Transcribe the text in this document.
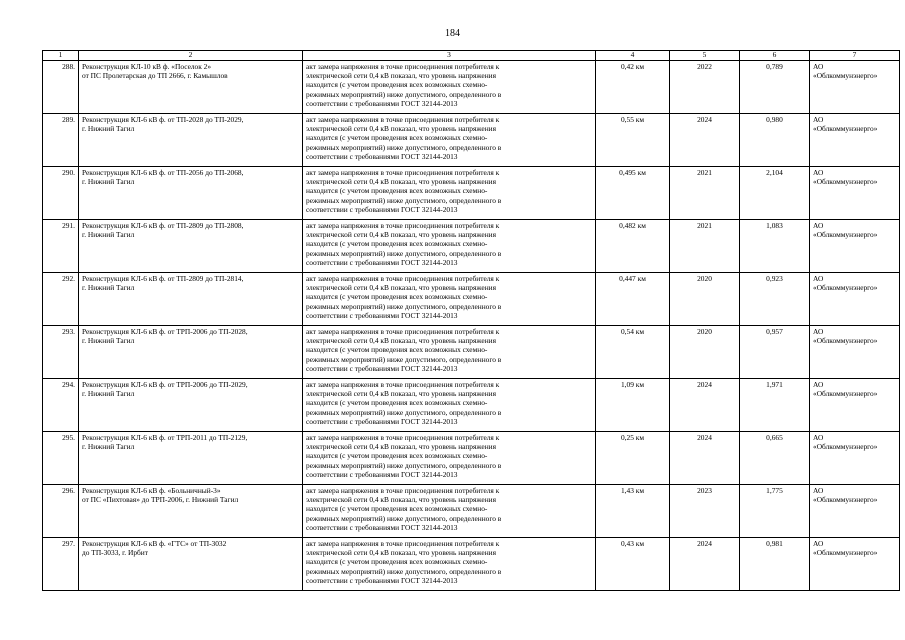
184
1	2	3	4	5	6	7
288.	Реконструкция КЛ-10 кВ ф. «Поселок 2»
от ПС Пролетарская до ТП 2666, г. Камышлов	акт замера напряжения в точке присоединения потребителя к
электрической сети 0,4 кВ показал, что уровень напряжения
находится (с учетом проведения всех возможных схемно-
режимных мероприятий) ниже допустимого, определенного в
соответствии с требованиями ГОСТ 32144-2013	0,42 км	2022	0,789	АО
«Облкоммунэнерго»

289.	Реконструкция КЛ-6 кВ ф. от ТП-2028 до ТП-2029,
г. Нижний Тагил	акт замера напряжения в точке присоединения потребителя к
электрической сети 0,4 кВ показал, что уровень напряжения
находится (с учетом проведения всех возможных схемно-
режимных мероприятий) ниже допустимого, определенного в
соответствии с требованиями ГОСТ 32144-2013	0,55 км	2024	0,980	АО
«Облкоммунэнерго»

290.	Реконструкция КЛ-6 кВ ф. от ТП-2056 до ТП-2068,
г. Нижний Тагил	акт замера напряжения в точке присоединения потребителя к
электрической сети 0,4 кВ показал, что уровень напряжения
находится (с учетом проведения всех возможных схемно-
режимных мероприятий) ниже допустимого, определенного в
соответствии с требованиями ГОСТ 32144-2013	0,495 км	2021	2,104	АО
«Облкоммунэнерго»

291.	Реконструкция КЛ-6 кВ ф. от ТП-2809 до ТП-2808,
г. Нижний Тагил	акт замера напряжения в точке присоединения потребителя к
электрической сети 0,4 кВ показал, что уровень напряжения
находится (с учетом проведения всех возможных схемно-
режимных мероприятий) ниже допустимого, определенного в
соответствии с требованиями ГОСТ 32144-2013	0,482 км	2021	1,083	АО
«Облкоммунэнерго»

292.	Реконструкция КЛ-6 кВ ф. от ТП-2809 до ТП-2814,
г. Нижний Тагил	акт замера напряжения в точке присоединения потребителя к
электрической сети 0,4 кВ показал, что уровень напряжения
находится (с учетом проведения всех возможных схемно-
режимных мероприятий) ниже допустимого, определенного в
соответствии с требованиями ГОСТ 32144-2013	0,447 км	2020	0,923	АО
«Облкоммунэнерго»

293.	Реконструкция КЛ-6 кВ ф. от ТРП-2006 до ТП-2028,
г. Нижний Тагил	акт замера напряжения в точке присоединения потребителя к
электрической сети 0,4 кВ показал, что уровень напряжения
находится (с учетом проведения всех возможных схемно-
режимных мероприятий) ниже допустимого, определенного в
соответствии с требованиями ГОСТ 32144-2013	0,54 км	2020	0,957	АО
«Облкоммунэнерго»

294.	Реконструкция КЛ-6 кВ ф. от ТРП-2006 до ТП-2029,
г. Нижний Тагил	акт замера напряжения в точке присоединения потребителя к
электрической сети 0,4 кВ показал, что уровень напряжения
находится (с учетом проведения всех возможных схемно-
режимных мероприятий) ниже допустимого, определенного в
соответствии с требованиями ГОСТ 32144-2013	1,09 км	2024	1,971	АО
«Облкоммунэнерго»

295.	Реконструкция КЛ-6 кВ ф. от ТРП-2011 до ТП-2129,
г. Нижний Тагил	акт замера напряжения в точке присоединения потребителя к
электрической сети 0,4 кВ показал, что уровень напряжения
находится (с учетом проведения всех возможных схемно-
режимных мероприятий) ниже допустимого, определенного в
соответствии с требованиями ГОСТ 32144-2013	0,25 км	2024	0,665	АО
«Облкоммунэнерго»

296.	Реконструкция КЛ-6 кВ ф. «Больничный-3»
от ПС «Пихтовая» до ТРП-2006, г. Нижний Тагил	акт замера напряжения в точке присоединения потребителя к
электрической сети 0,4 кВ показал, что уровень напряжения
находится (с учетом проведения всех возможных схемно-
режимных мероприятий) ниже допустимого, определенного в
соответствии с требованиями ГОСТ 32144-2013	1,43 км	2023	1,775	АО
«Облкоммунэнерго»

297.	Реконструкция КЛ-6 кВ ф. «ГТС» от ТП-3032
до ТП-3033, г. Ирбит	акт замера напряжения в точке присоединения потребителя к
электрической сети 0,4 кВ показал, что уровень напряжения
находится (с учетом проведения всех возможных схемно-
режимных мероприятий) ниже допустимого, определенного в
соответствии с требованиями ГОСТ 32144-2013	0,43 км	2024	0,981	АО
«Облкоммунэнерго»
